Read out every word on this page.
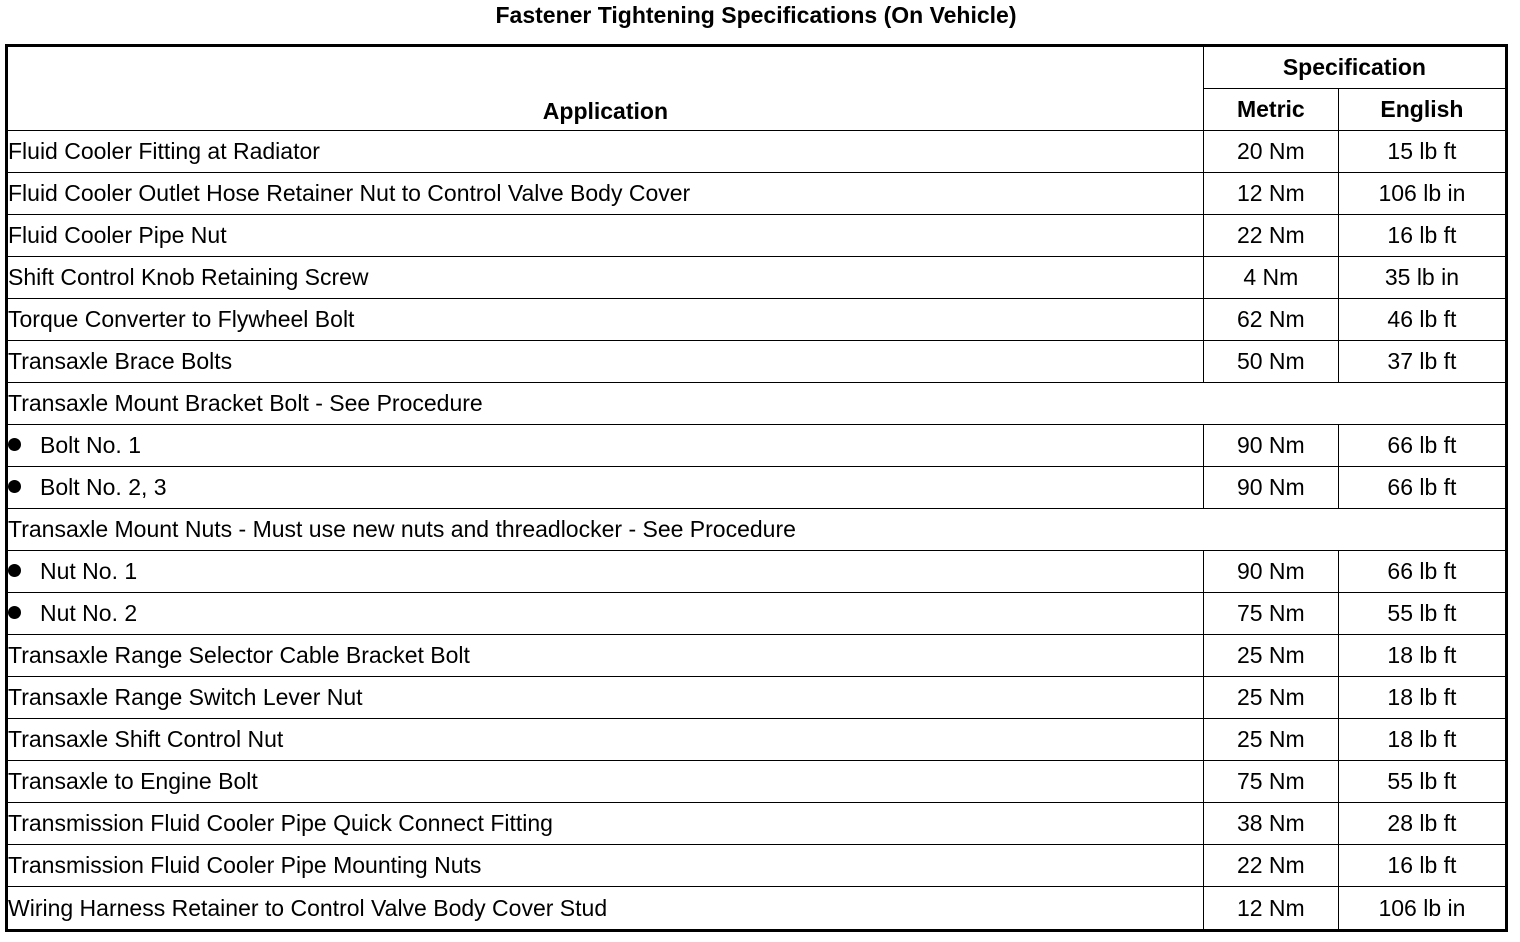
Fastener Tightening Specifications (On Vehicle)
Application	Specification	
	Metric	English
Fluid Cooler Fitting at Radiator	20 Nm	15 lb ft
Fluid Cooler Outlet Hose Retainer Nut to Control Valve Body Cover	12 Nm	106 lb in
Fluid Cooler Pipe Nut	22 Nm	16 lb ft
Shift Control Knob Retaining Screw	4 Nm	35 lb in
Torque Converter to Flywheel Bolt	62 Nm	46 lb ft
Transaxle Brace Bolts	50 Nm	37 lb ft
Transaxle Mount Bracket Bolt - See Procedure		
Bolt No. 1	90 Nm	66 lb ft
Bolt No. 2, 3	90 Nm	66 lb ft
Transaxle Mount Nuts - Must use new nuts and threadlocker - See Procedure		
Nut No. 1	90 Nm	66 lb ft
Nut No. 2	75 Nm	55 lb ft
Transaxle Range Selector Cable Bracket Bolt	25 Nm	18 lb ft
Transaxle Range Switch Lever Nut	25 Nm	18 lb ft
Transaxle Shift Control Nut	25 Nm	18 lb ft
Transaxle to Engine Bolt	75 Nm	55 lb ft
Transmission Fluid Cooler Pipe Quick Connect Fitting	38 Nm	28 lb ft
Transmission Fluid Cooler Pipe Mounting Nuts	22 Nm	16 lb ft
Wiring Harness Retainer to Control Valve Body Cover Stud	12 Nm	106 lb in
